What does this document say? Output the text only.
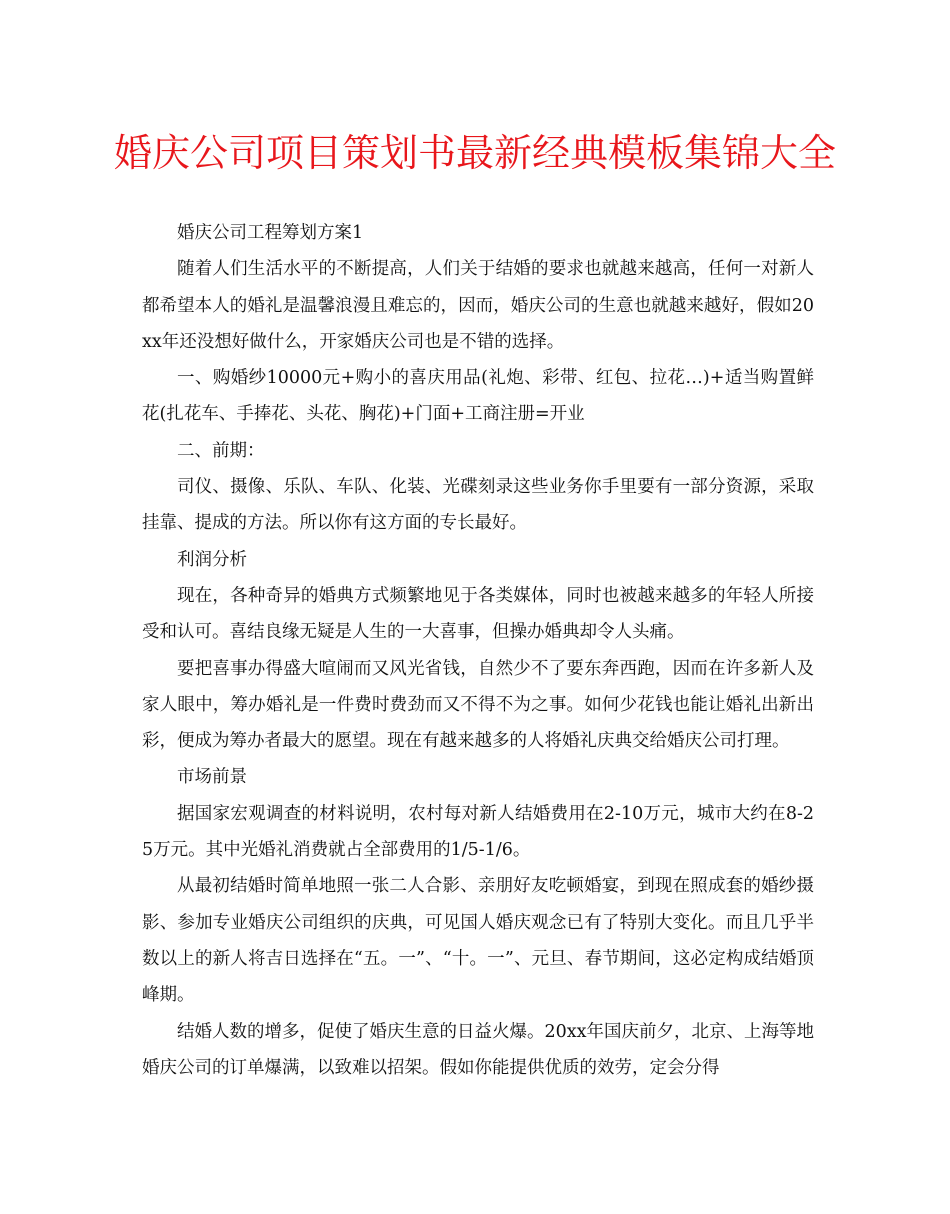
婚庆公司项目策划书最新经典模板集锦大全

婚庆公司工程筹划方案1

随着人们生活水平的不断提高，人们关于结婚的要求也就越来越高，任何一对新人都希望本人的婚礼是温馨浪漫且难忘的，因而，婚庆公司的生意也就越来越好，假如20xx年还没想好做什么，开家婚庆公司也是不错的选择。

一、购婚纱10000元+购小的喜庆用品(礼炮、彩带、红包、拉花…)+适当购置鲜花(扎花车、手捧花、头花、胸花)+门面+工商注册=开业

二、前期：

司仪、摄像、乐队、车队、化装、光碟刻录这些业务你手里要有一部分资源，采取挂靠、提成的方法。所以你有这方面的专长最好。

利润分析

现在，各种奇异的婚典方式频繁地见于各类媒体，同时也被越来越多的年轻人所接受和认可。喜结良缘无疑是人生的一大喜事，但操办婚典却令人头痛。

要把喜事办得盛大喧闹而又风光省钱，自然少不了要东奔西跑，因而在许多新人及家人眼中，筹办婚礼是一件费时费劲而又不得不为之事。如何少花钱也能让婚礼出新出彩，便成为筹办者最大的愿望。现在有越来越多的人将婚礼庆典交给婚庆公司打理。

市场前景

据国家宏观调查的材料说明，农村每对新人结婚费用在2-10万元，城市大约在8-25万元。其中光婚礼消费就占全部费用的1/5-1/6。

从最初结婚时简单地照一张二人合影、亲朋好友吃顿婚宴，到现在照成套的婚纱摄影、参加专业婚庆公司组织的庆典，可见国人婚庆观念已有了特别大变化。而且几乎半数以上的新人将吉日选择在“五。一”、“十。一”、元旦、春节期间，这必定构成结婚顶峰期。

结婚人数的增多，促使了婚庆生意的日益火爆。20xx年国庆前夕，北京、上海等地婚庆公司的订单爆满，以致难以招架。假如你能提供优质的效劳，定会分得
